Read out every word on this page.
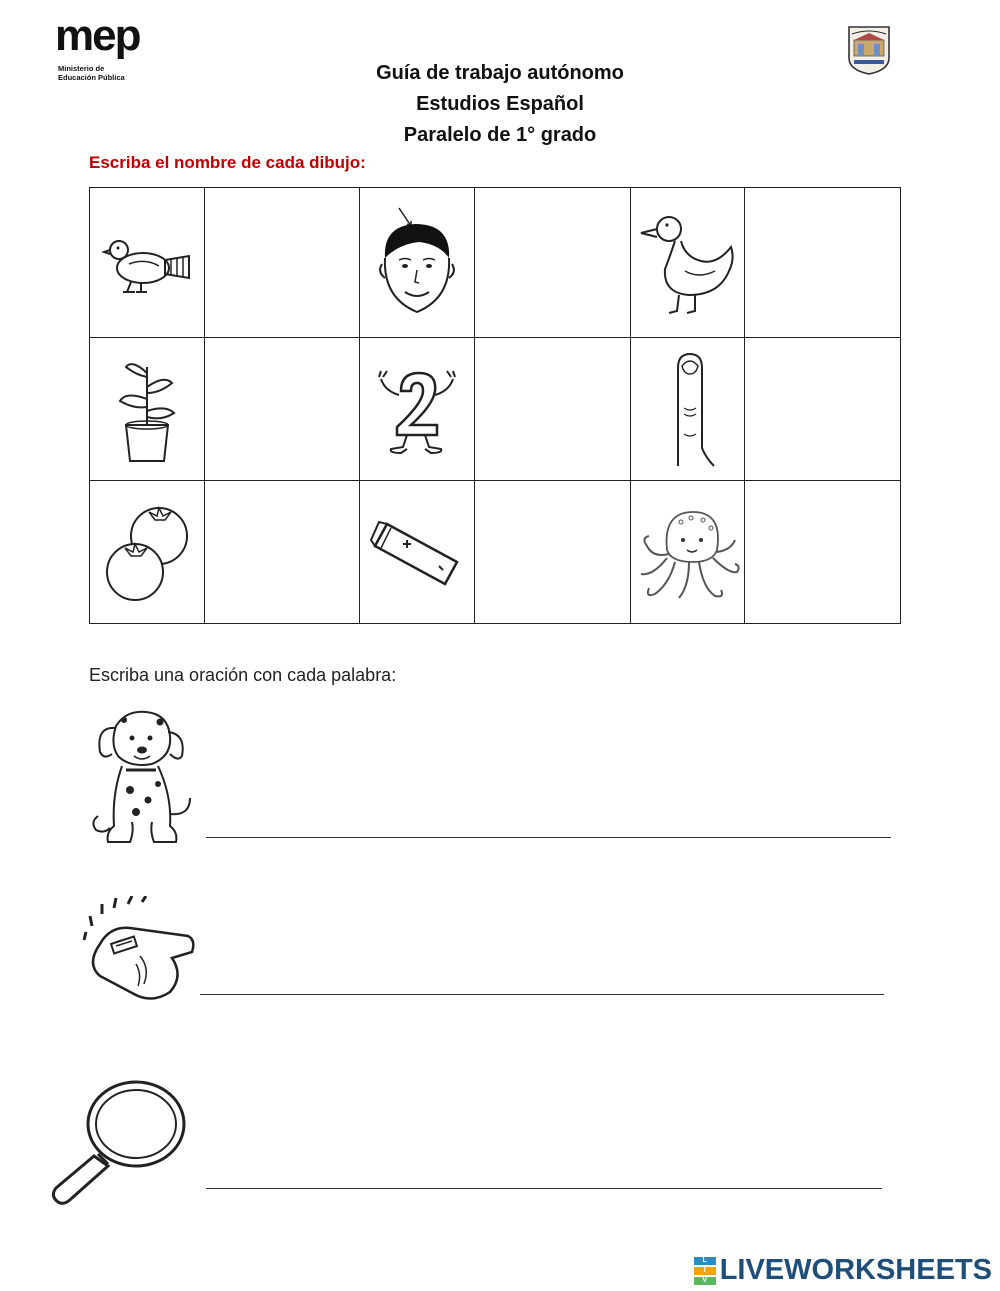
mep
Ministerio de
Educación Pública	Guía de trabajo autónomo
Estudios Español
Paralelo de 1° grado
Escriba el nombre de cada dibujo:

Escriba una oración con cada palabra:
L
I
V LIVEWORKSHEETS
